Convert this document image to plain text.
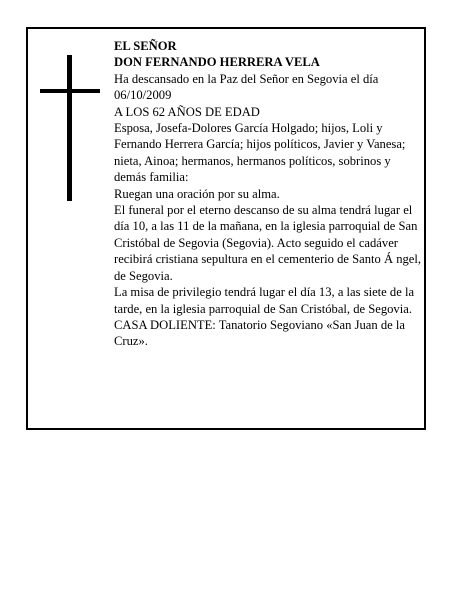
EL SEÑOR

DON FERNANDO HERRERA VELA

Ha descansado en la Paz del Señor en Segovia el día 06/10/2009

A LOS 62 AÑOS DE EDAD

Esposa, Josefa-Dolores García Holgado; hijos, Loli y Fernando Herrera García; hijos políticos, Javier y Vanesa; nieta, Ainoa; hermanos, hermanos políticos, sobrinos y demás familia:

Ruegan una oración por su alma.

El funeral por el eterno descanso de su alma tendrá lugar el día 10, a las 11 de la mañana, en la iglesia parroquial de San Cristóbal de Segovia (Segovia). Acto seguido el cadáver recibirá cristiana sepultura en el cementerio de Santo Á ngel, de Segovia.

La misa de privilegio tendrá lugar el día 13, a las siete de la tarde, en la iglesia parroquial de San Cristóbal, de Segovia.

CASA DOLIENTE: Tanatorio Segoviano «San Juan de la Cruz».
